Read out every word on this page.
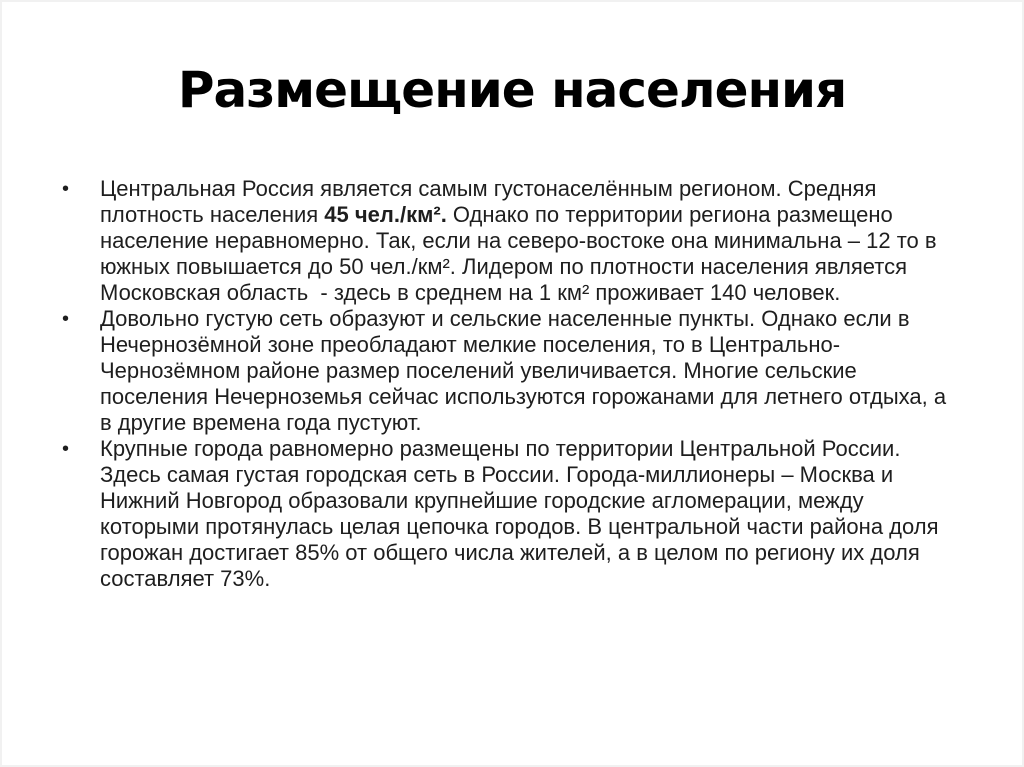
Размещение населения
•	Центральная Россия является самым густонаселённым регионом. Средняя плотность населения 45 чел./км². Однако по территории региона размещено население неравномерно. Так, если на северо-востоке она минимальна – 12 то в южных повышается до 50 чел./км². Лидером по плотности населения является Московская область  - здесь в среднем на 1 км² проживает 140 человек.
•	Довольно густую сеть образуют и сельские населенные пункты. Однако если в Нечернозёмной зоне преобладают мелкие поселения, то в Центрально-Чернозёмном районе размер поселений увеличивается. Многие сельские поселения Нечерноземья сейчас используются горожанами для летнего отдыха, а в другие времена года пустуют.
•	Крупные города равномерно размещены по территории Центральной России. Здесь самая густая городская сеть в России. Города-миллионеры – Москва и Нижний Новгород образовали крупнейшие городские агломерации, между которыми протянулась целая цепочка городов. В центральной части района доля горожан достигает 85% от общего числа жителей, а в целом по региону их доля составляет 73%.
